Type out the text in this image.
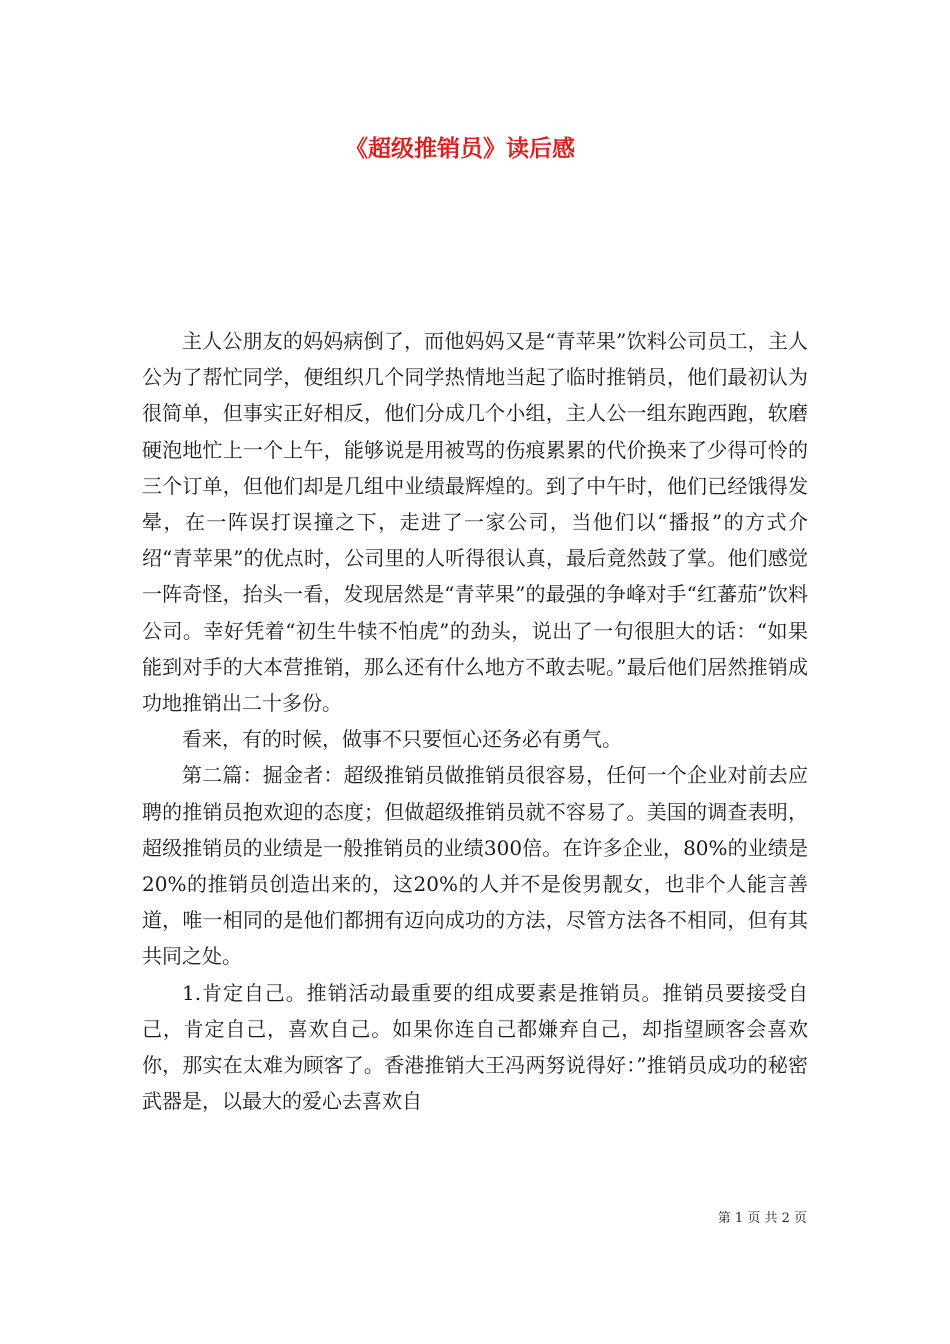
《超级推销员》读后感

主人公朋友的妈妈病倒了，而他妈妈又是“青苹果”饮料公司员工，主人公为了帮忙同学，便组织几个同学热情地当起了临时推销员，他们最初认为很简单，但事实正好相反，他们分成几个小组，主人公一组东跑西跑，软磨硬泡地忙上一个上午，能够说是用被骂的伤痕累累的代价换来了少得可怜的三个订单，但他们却是几组中业绩最辉煌的。到了中午时，他们已经饿得发晕，在一阵误打误撞之下，走进了一家公司，当他们以“播报”的方式介绍“青苹果”的优点时，公司里的人听得很认真，最后竟然鼓了掌。他们感觉一阵奇怪，抬头一看，发现居然是“青苹果”的最强的争峰对手“红蕃茄”饮料公司。幸好凭着“初生牛犊不怕虎”的劲头，说出了一句很胆大的话：“如果能到对手的大本营推销，那么还有什么地方不敢去呢。”最后他们居然推销成功地推销出二十多份。

看来，有的时候，做事不只要恒心还务必有勇气。

第二篇：掘金者：超级推销员做推销员很容易，任何一个企业对前去应聘的推销员抱欢迎的态度；但做超级推销员就不容易了。美国的调查表明，超级推销员的业绩是一般推销员的业绩300倍。在许多企业，80%的业绩是20%的推销员创造出来的，这20%的人并不是俊男靓女，也非个人能言善道，唯一相同的是他们都拥有迈向成功的方法，尽管方法各不相同，但有其共同之处。

1.肯定自己。推销活动最重要的组成要素是推销员。推销员要接受自己，肯定自己，喜欢自己。如果你连自己都嫌弃自己，却指望顾客会喜欢你，那实在太难为顾客了。香港推销大王冯两努说得好：”推销员成功的秘密武器是，以最大的爱心去喜欢自

第 1 页 共 2 页
